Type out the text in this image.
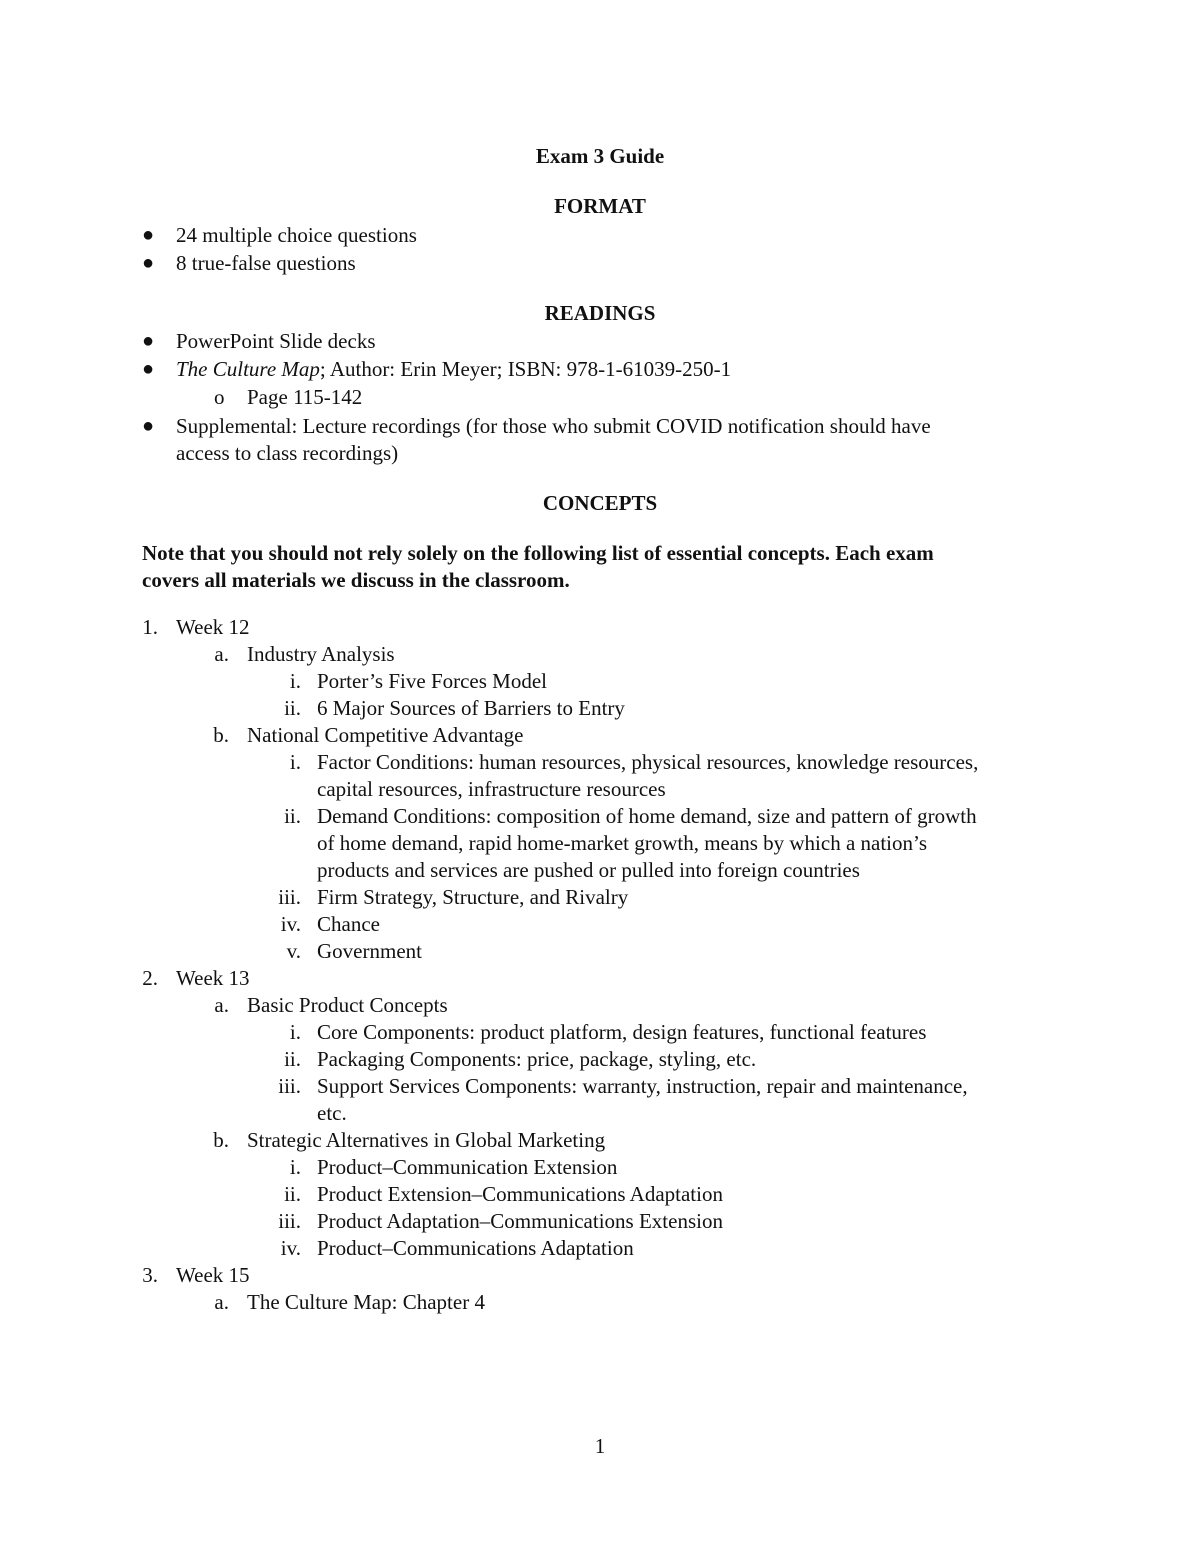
Exam 3 Guide
FORMAT
● 24 multiple choice questions
● 8 true-false questions
READINGS
● PowerPoint Slide decks
● The Culture Map; Author: Erin Meyer; ISBN: 978-1-61039-250-1
o Page 115-142
● Supplemental: Lecture recordings (for those who submit COVID notification should have
access to class recordings)
CONCEPTS
Note that you should not rely solely on the following list of essential concepts. Each exam
covers all materials we discuss in the classroom.
1. Week 12
a. Industry Analysis
i. Porter’s Five Forces Model
ii. 6 Major Sources of Barriers to Entry
b. National Competitive Advantage
i. Factor Conditions: human resources, physical resources, knowledge resources,
capital resources, infrastructure resources
ii. Demand Conditions: composition of home demand, size and pattern of growth
of home demand, rapid home-market growth, means by which a nation’s
products and services are pushed or pulled into foreign countries
iii. Firm Strategy, Structure, and Rivalry
iv. Chance
v. Government
2. Week 13
a. Basic Product Concepts
i. Core Components: product platform, design features, functional features
ii. Packaging Components: price, package, styling, etc.
iii. Support Services Components: warranty, instruction, repair and maintenance,
etc.
b. Strategic Alternatives in Global Marketing
i. Product–Communication Extension
ii. Product Extension–Communications Adaptation
iii. Product Adaptation–Communications Extension
iv. Product–Communications Adaptation
3. Week 15
a. The Culture Map: Chapter 4
1
